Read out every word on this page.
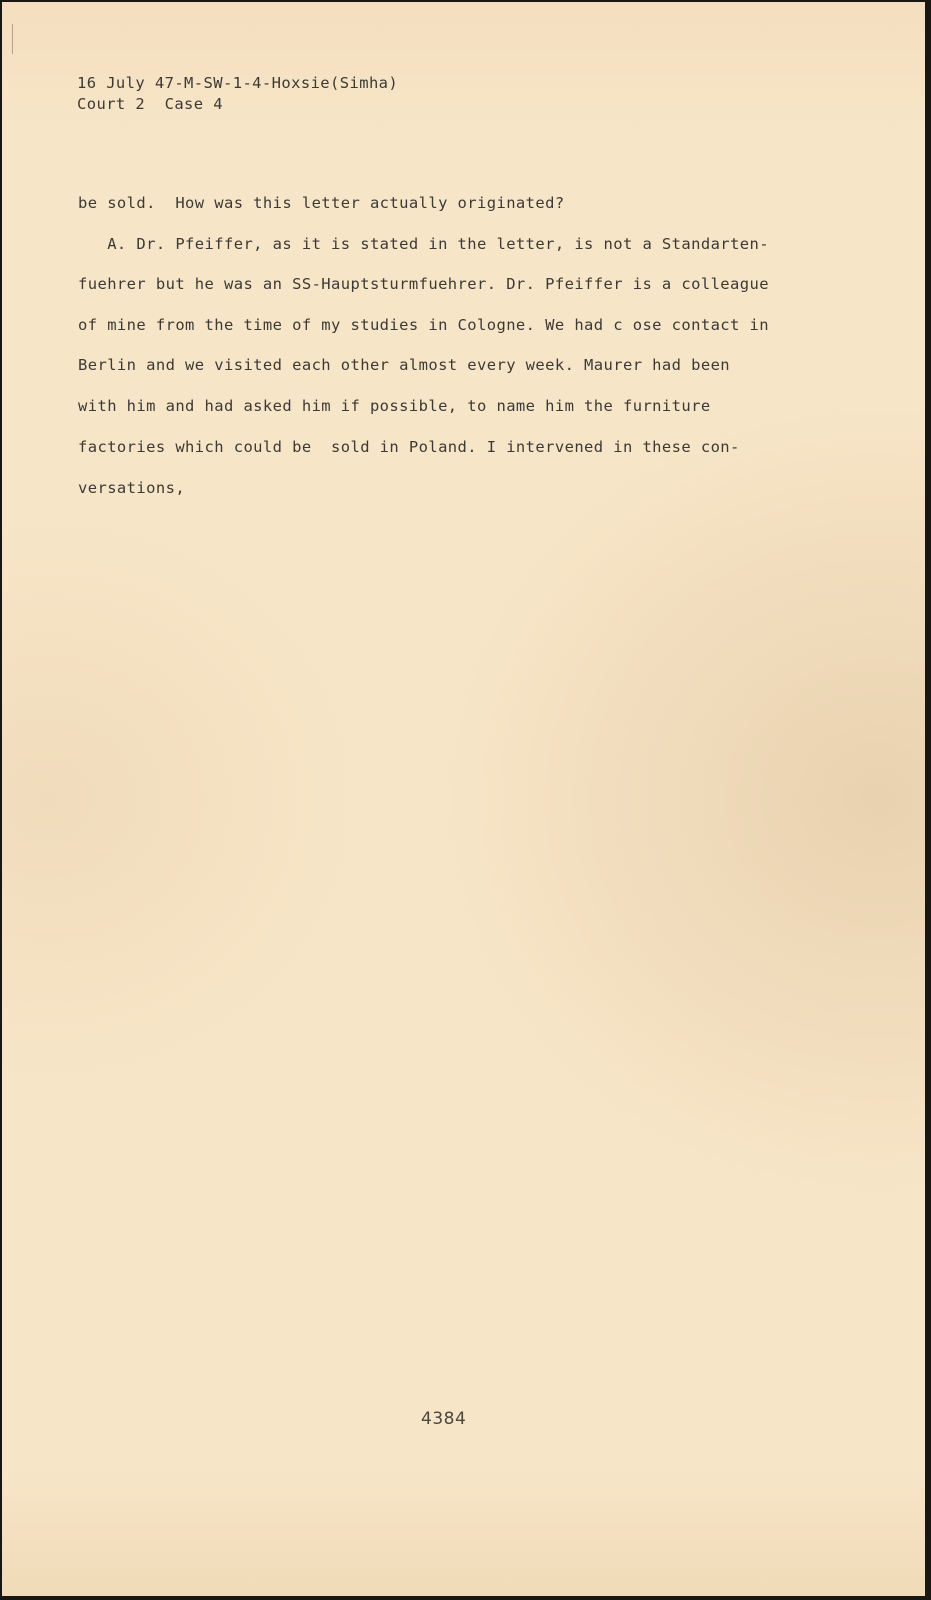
16 July 47-M-SW-1-4-Hoxsie(Simha)
Court 2  Case 4
be sold.  How was this letter actually originated?
A. Dr. Pfeiffer, as it is stated in the letter, is not a Standarten-
fuehrer but he was an SS-Hauptsturmfuehrer. Dr. Pfeiffer is a colleague
of mine from the time of my studies in Cologne. We had c ose contact in
Berlin and we visited each other almost every week. Maurer had been
with him and had asked him if possible, to name him the furniture
factories which could be  sold in Poland. I intervened in these con-
versations,
4384
